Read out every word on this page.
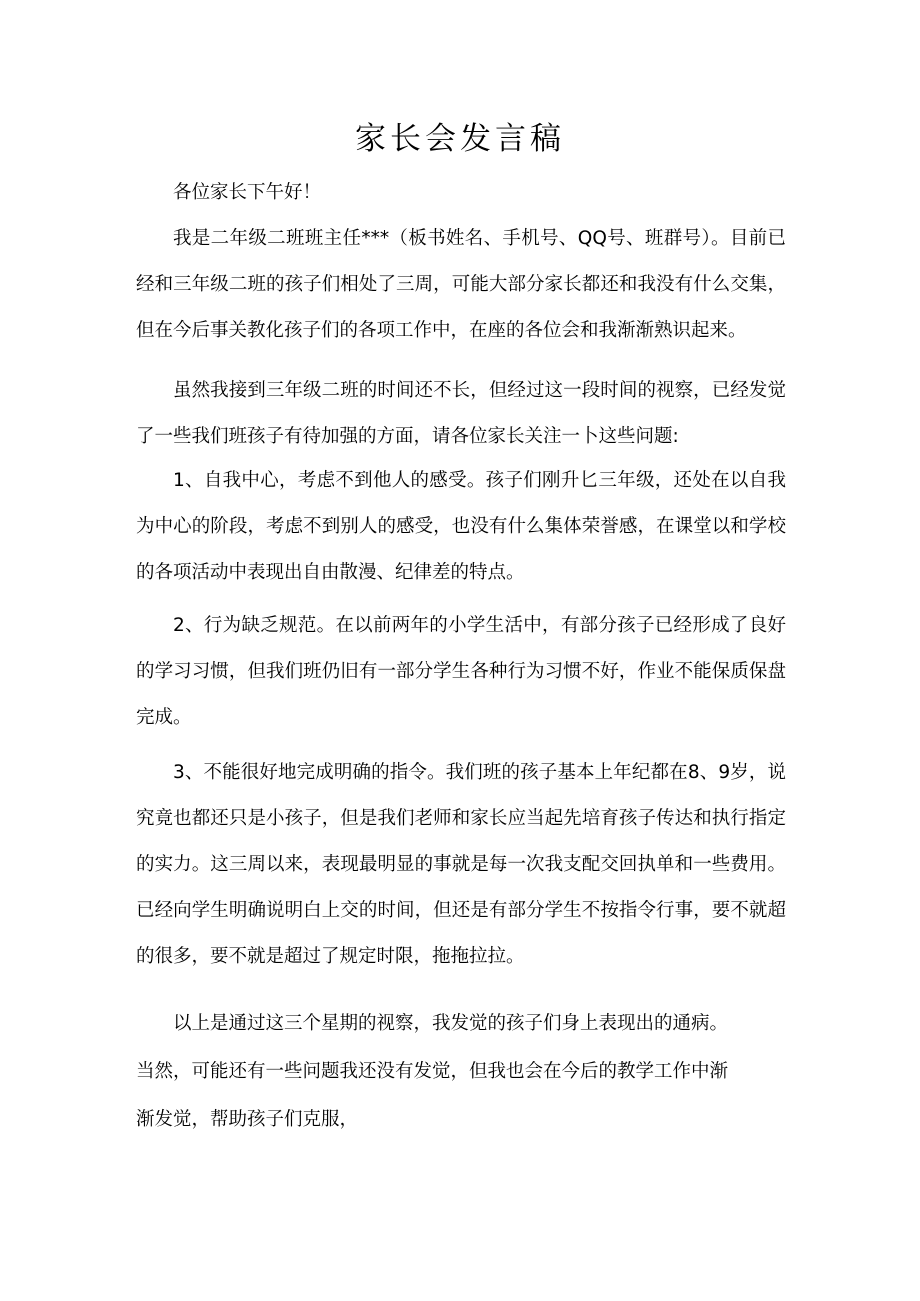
家长会发言稿

各位家长下午好！

我是二年级二班班主任***（板书姓名、手机号、QQ号、班群号）。目前已经和三年级二班的孩子们相处了三周，可能大部分家长都还和我没有什么交集，但在今后事关教化孩子们的各项工作中，在座的各位会和我渐渐熟识起来。

虽然我接到三年级二班的时间还不长，但经过这一段时间的视察，已经发觉了一些我们班孩子有待加强的方面，请各位家长关注一卜这些问题:

1、自我中心，考虑不到他人的感受。孩子们刚升匕三年级，还处在以自我为中心的阶段，考虑不到别人的感受，也没有什么集体荣誉感，在课堂以和学校的各项活动中表现出自由散漫、纪律差的特点。

2、行为缺乏规范。在以前两年的小学生活中，有部分孩子已经形成了良好的学习习惯，但我们班仍旧有一部分学生各种行为习惯不好，作业不能保质保盘完成。

3、不能很好地完成明确的指令。我们班的孩子基本上年纪都在8、9岁，说究竟也都还只是小孩子，但是我们老师和家长应当起先培育孩子传达和执行指定的实力。这三周以来，表现最明显的事就是每一次我支配交回执单和一些费用。已经向学生明确说明白上交的时间，但还是有部分学生不按指令行事，要不就超的很多，要不就是超过了规定时限，拖拖拉拉。

以上是通过这三个星期的视察，我发觉的孩子们身上表现出的通病。
当然，可能还有一些问题我还没有发觉，但我也会在今后的教学工作中渐
渐发觉，帮助孩子们克服，
